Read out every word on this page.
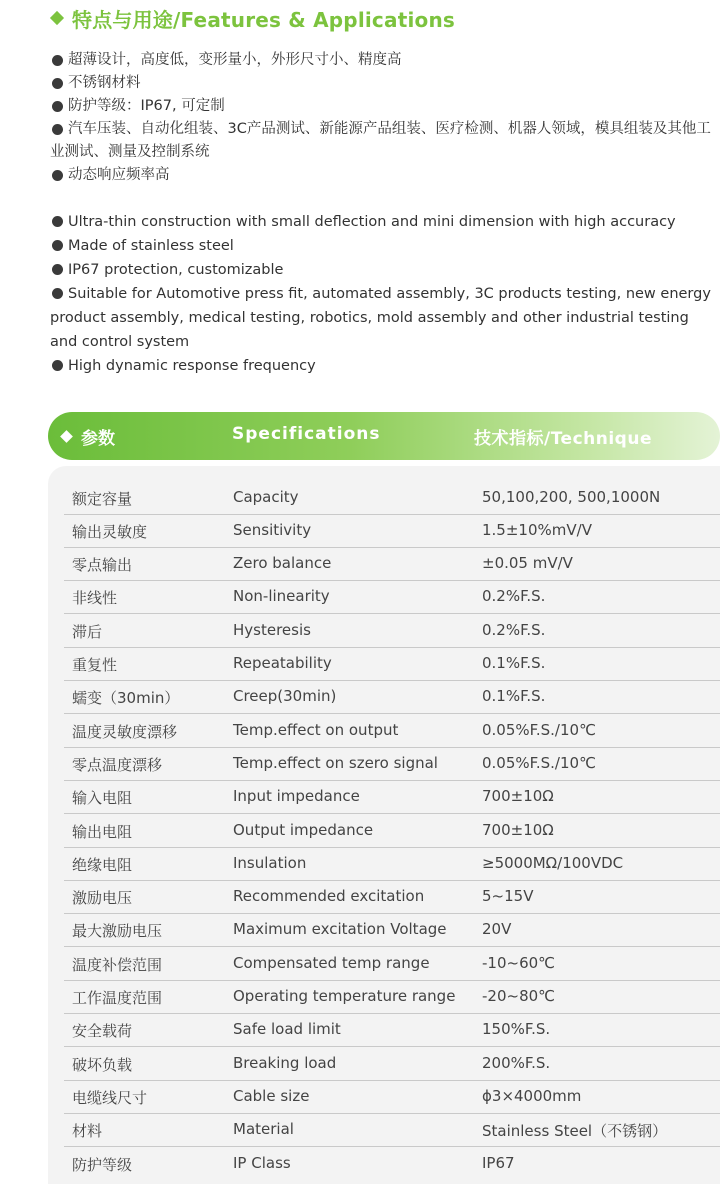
特点与用途/Features & Applications
超薄设计，高度低，变形量小，外形尺寸小、精度高
不锈钢材料
防护等级：IP67, 可定制
汽车压装、自动化组装、3C产品测试、新能源产品组装、医疗检测、机器人领域，模具组装及其他工业测试、测量及控制系统
动态响应频率高
Ultra-thin construction with small deflection and mini dimension with high accuracy
Made of stainless steel
IP67 protection, customizable
Suitable for Automotive press fit, automated assembly, 3C products testing, new energy product assembly, medical testing, robotics, mold assembly and other industrial testing and control system
High dynamic response frequency
参数	Specifications	技术指标/Technique
额定容量	Capacity	50,100,200, 500,1000N
输出灵敏度	Sensitivity	1.5±10%mV/V
零点输出	Zero balance	±0.05 mV/V
非线性	Non-linearity	0.2%F.S.
滞后	Hysteresis	0.2%F.S.
重复性	Repeatability	0.1%F.S.
蠕变（30min）	Creep(30min)	0.1%F.S.
温度灵敏度漂移	Temp.effect on output	0.05%F.S./10℃
零点温度漂移	Temp.effect on szero signal	0.05%F.S./10℃
输入电阻	Input impedance	700±10Ω
输出电阻	Output impedance	700±10Ω
绝缘电阻	Insulation	≥5000MΩ/100VDC
激励电压	Recommended excitation	5~15V
最大激励电压	Maximum excitation Voltage 20V
温度补偿范围	Compensated temp range	-10~60℃
工作温度范围	Operating temperature range -20~80℃
安全载荷	Safe load limit	150%F.S.
破坏负载	Breaking load	200%F.S.
电缆线尺寸	Cable size	ϕ3×4000mm
材料	Material	Stainless Steel（不锈钢）
防护等级	IP Class	IP67
